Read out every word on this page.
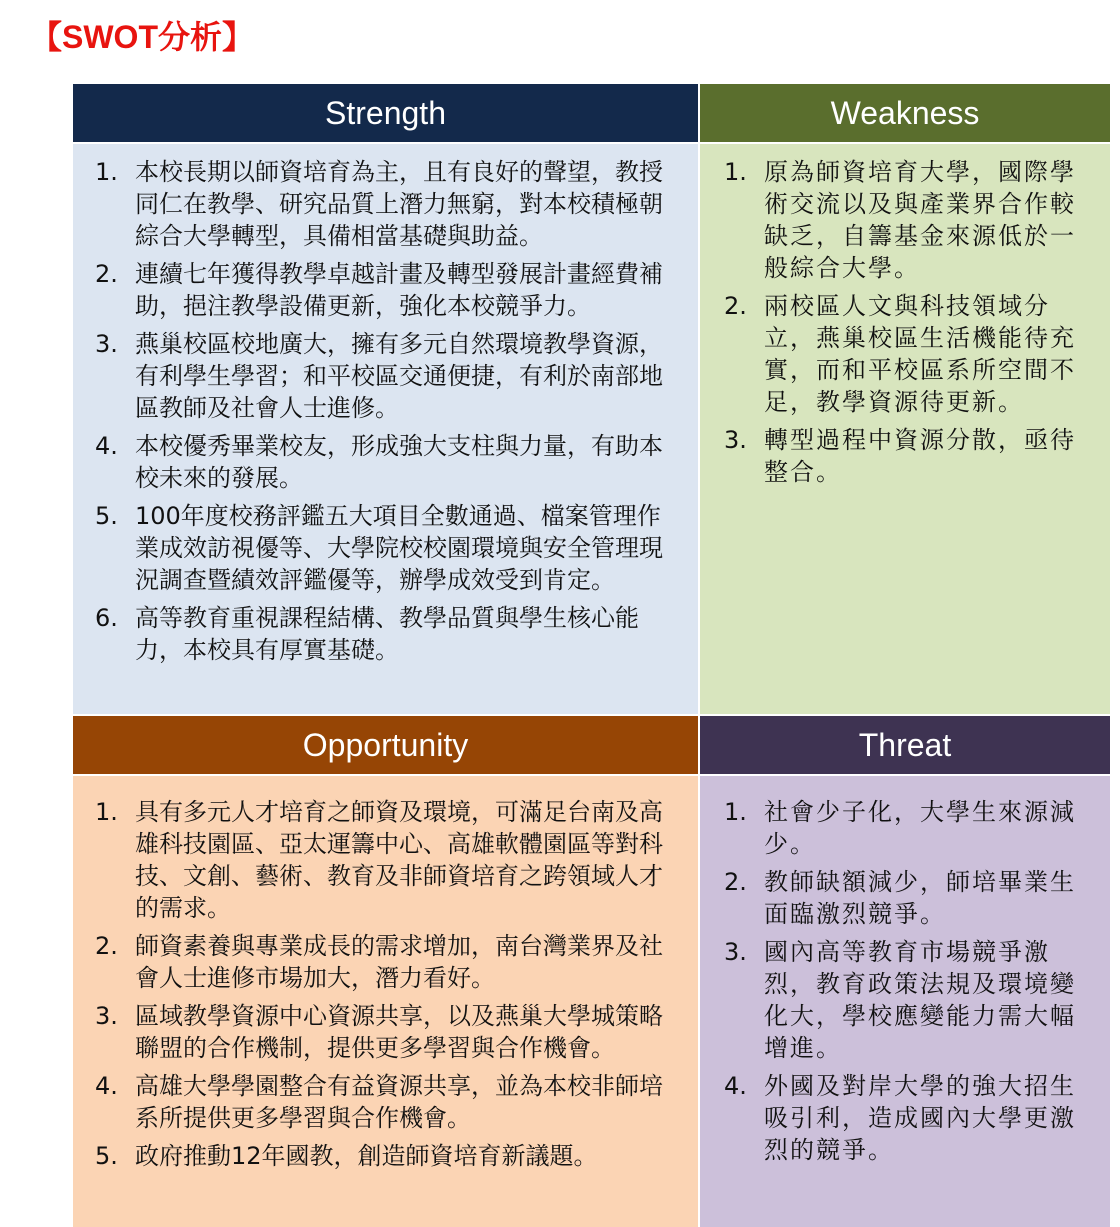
【SWOT分析】
Strength	Weakness
1. 本校長期以師資培育為主，且有良好的聲望，教授同仁在教學、研究品質上潛力無窮，對本校積極朝綜合大學轉型，具備相當基礎與助益。
2. 連續七年獲得教學卓越計畫及轉型發展計畫經費補助，挹注教學設備更新，強化本校競爭力。
3. 燕巢校區校地廣大，擁有多元自然環境教學資源，有利學生學習；和平校區交通便捷，有利於南部地區教師及社會人士進修。
4. 本校優秀畢業校友，形成強大支柱與力量，有助本校未來的發展。
5. 100年度校務評鑑五大項目全數通過、檔案管理作業成效訪視優等、大學院校校園環境與安全管理現況調查暨績效評鑑優等，辦學成效受到肯定。
6. 高等教育重視課程結構、教學品質與學生核心能力，本校具有厚實基礎。
1. 原為師資培育大學，國際學術交流以及與產業界合作較缺乏，自籌基金來源低於一般綜合大學。
2. 兩校區人文與科技領域分立，燕巢校區生活機能待充實，而和平校區系所空間不足，教學資源待更新。
3. 轉型過程中資源分散，亟待整合。
Opportunity	Threat
1. 具有多元人才培育之師資及環境，可滿足台南及高雄科技園區、亞太運籌中心、高雄軟體園區等對科技、文創、藝術、教育及非師資培育之跨領域人才的需求。
2. 師資素養與專業成長的需求增加，南台灣業界及社會人士進修市場加大，潛力看好。
3. 區域教學資源中心資源共享，以及燕巢大學城策略聯盟的合作機制，提供更多學習與合作機會。
4. 高雄大學學園整合有益資源共享，並為本校非師培系所提供更多學習與合作機會。
5. 政府推動12年國教，創造師資培育新議題。
1. 社會少子化，大學生來源減少。
2. 教師缺額減少，師培畢業生面臨激烈競爭。
3. 國內高等教育市場競爭激烈，教育政策法規及環境變化大，學校應變能力需大幅增進。
4. 外國及對岸大學的強大招生吸引利，造成國內大學更激烈的競爭。
